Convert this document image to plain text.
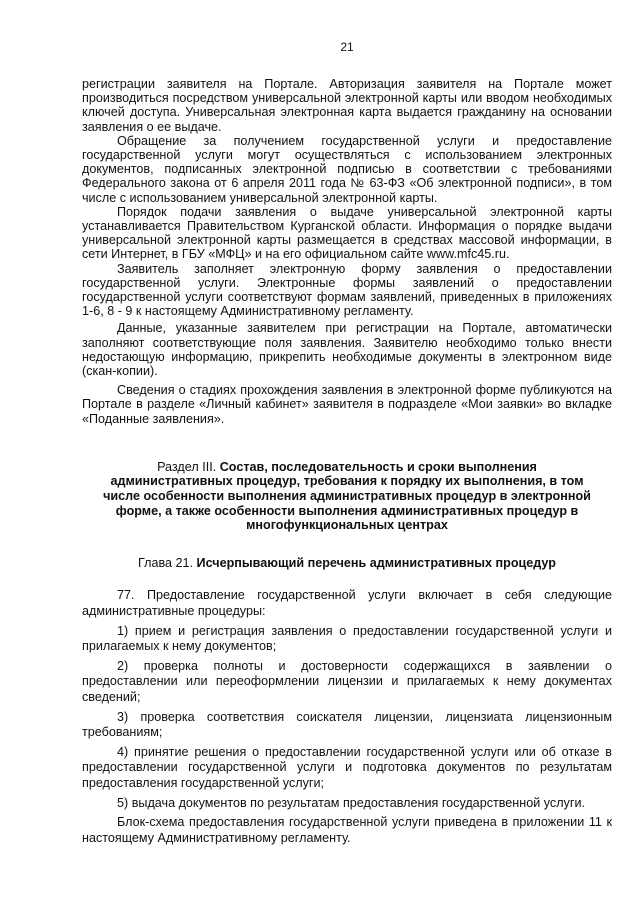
21

регистрации заявителя на Портале. Авторизация заявителя на Портале может производиться посредством универсальной электронной карты или вводом необходимых ключей доступа. Универсальная электронная карта выдается гражданину на основании заявления о ее выдаче.

Обращение за получением государственной услуги и предоставление государственной услуги могут осуществляться с использованием электронных документов, подписанных электронной подписью в соответствии с требованиями Федерального закона от 6 апреля 2011 года № 63-ФЗ «Об электронной подписи», в том числе с использованием универсальной электронной карты.

Порядок подачи заявления о выдаче универсальной электронной карты устанавливается Правительством Курганской области. Информация о порядке выдачи универсальной электронной карты размещается в средствах массовой информации, в сети Интернет, в ГБУ «МФЦ» и на его официальном сайте www.mfc45.ru.

Заявитель заполняет электронную форму заявления о предоставлении государственной услуги. Электронные формы заявлений о предоставлении государственной услуги соответствуют формам заявлений, приведенных в приложениях 1-6, 8 - 9 к настоящему Административному регламенту.

Данные, указанные заявителем при регистрации на Портале, автоматически заполняют соответствующие поля заявления. Заявителю необходимо только внести недостающую информацию, прикрепить необходимые документы в электронном виде (скан-копии).

Сведения о стадиях прохождения заявления в электронной форме публикуются на Портале в разделе «Личный кабинет» заявителя в подразделе «Мои заявки» во вкладке «Поданные заявления».

Раздел III. Состав, последовательность и сроки выполнения административных процедур, требования к порядку их выполнения, в том числе особенности выполнения административных процедур в электронной форме, а также особенности выполнения административных процедур в многофункциональных центрах
Глава 21. Исчерпывающий перечень административных процедур

77. Предоставление государственной услуги включает в себя следующие административные процедуры:

1) прием и регистрация заявления о предоставлении государственной услуги и прилагаемых к нему документов;

2) проверка полноты и достоверности содержащихся в заявлении о предоставлении или переоформлении лицензии и прилагаемых к нему документах сведений;

3) проверка соответствия соискателя лицензии, лицензиата лицензионным требованиям;

4) принятие решения о предоставлении государственной услуги или об отказе в предоставлении государственной услуги и подготовка документов по результатам предоставления государственной услуги;

5) выдача документов по результатам предоставления государственной услуги.

Блок-схема предоставления государственной услуги приведена в приложении 11 к настоящему Административному регламенту.
